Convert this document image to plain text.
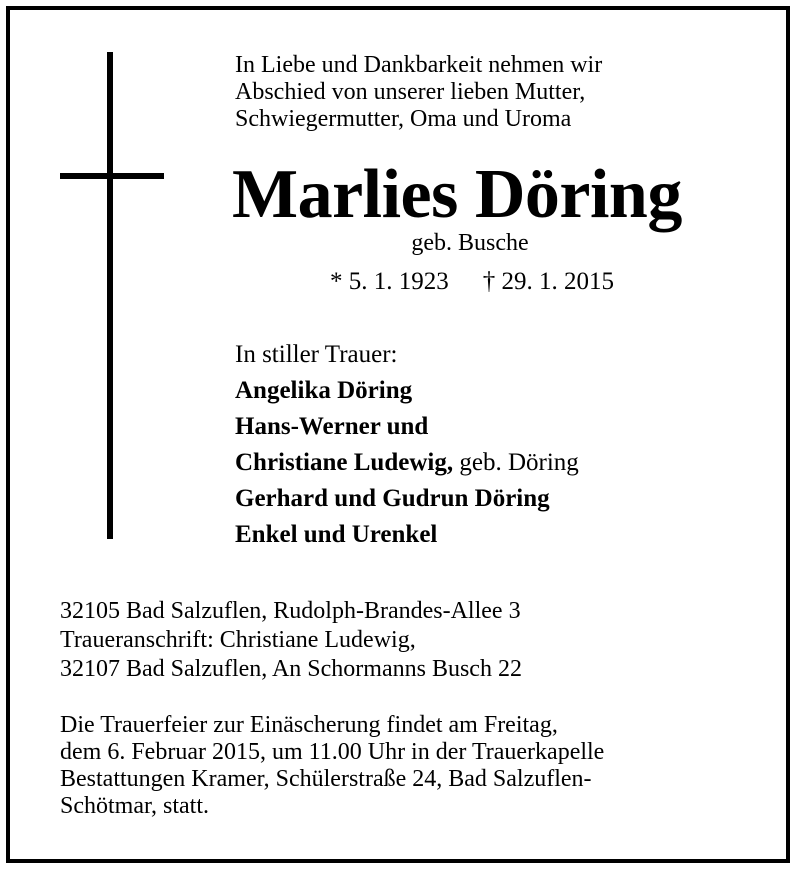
In Liebe und Dankbarkeit nehmen wir
Abschied von unserer lieben Mutter,
Schwiegermutter, Oma und Uroma
Marlies Döring
geb. Busche
* 5. 1. 1923 † 29. 1. 2015
In stiller Trauer:
Angelika Döring
Hans-Werner und
Christiane Ludewig, geb. Döring
Gerhard und Gudrun Döring
Enkel und Urenkel
32105 Bad Salzuflen, Rudolph-Brandes-Allee 3
Traueranschrift: Christiane Ludewig,
32107 Bad Salzuflen, An Schormanns Busch 22
Die Trauerfeier zur Einäscherung findet am Freitag,
dem 6. Februar 2015, um 11.00 Uhr in der Trauerkapelle
Bestattungen Kramer, Schülerstraße 24, Bad Salzuflen-
Schötmar, statt.
